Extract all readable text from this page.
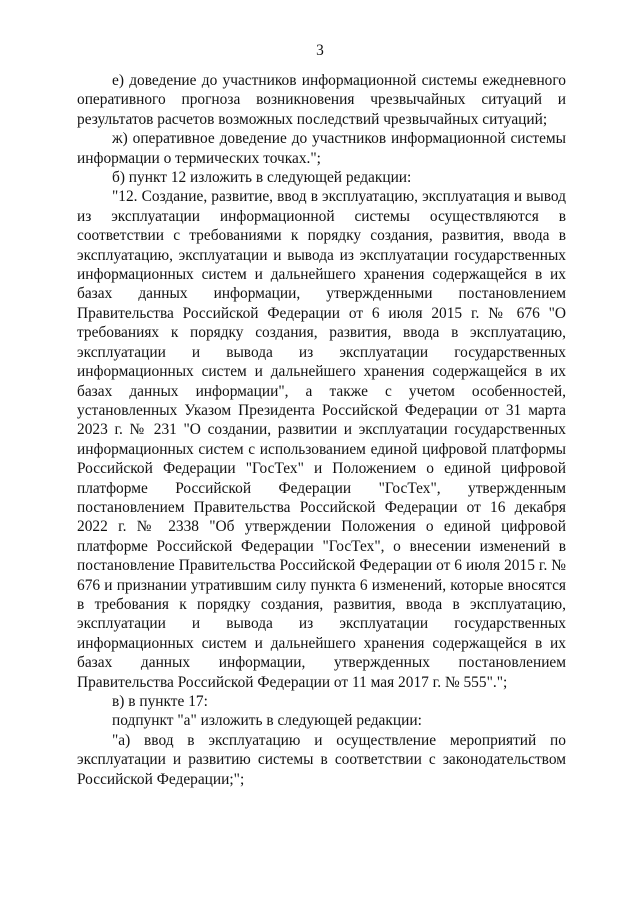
3

е) доведение до участников информационной системы ежедневного оперативного прогноза возникновения чрезвычайных ситуаций и результатов расчетов возможных последствий чрезвычайных ситуаций;

ж) оперативное доведение до участников информационной системы информации о термических точках.";

б) пункт 12 изложить в следующей редакции:

"12. Создание, развитие, ввод в эксплуатацию, эксплуатация и вывод из эксплуатации информационной системы осуществляются в соответствии с требованиями к порядку создания, развития, ввода в эксплуатацию, эксплуатации и вывода из эксплуатации государственных информационных систем и дальнейшего хранения содержащейся в их базах данных информации, утвержденными постановлением Правительства Российской Федерации от 6 июля 2015 г. № 676 "О требованиях к порядку создания, развития, ввода в эксплуатацию, эксплуатации и вывода из эксплуатации государственных информационных систем и дальнейшего хранения содержащейся в их базах данных информации", а также с учетом особенностей, установленных Указом Президента Российской Федерации от 31 марта 2023 г. № 231 "О создании, развитии и эксплуатации государственных информационных систем с использованием единой цифровой платформы Российской Федерации "ГосТех" и Положением о единой цифровой платформе Российской Федерации "ГосТех", утвержденным постановлением Правительства Российской Федерации от 16 декабря 2022 г. № 2338 "Об утверждении Положения о единой цифровой платформе Российской Федерации "ГосТех", о внесении изменений в постановление Правительства Российской Федерации от 6 июля 2015 г. № 676 и признании утратившим силу пункта 6 изменений, которые вносятся в требования к порядку создания, развития, ввода в эксплуатацию, эксплуатации и вывода из эксплуатации государственных информационных систем и дальнейшего хранения содержащейся в их базах данных информации, утвержденных постановлением Правительства Российской Федерации от 11 мая 2017 г. № 555".";

в) в пункте 17:

подпункт "а" изложить в следующей редакции:

"а) ввод в эксплуатацию и осуществление мероприятий по эксплуатации и развитию системы в соответствии с законодательством Российской Федерации;";
